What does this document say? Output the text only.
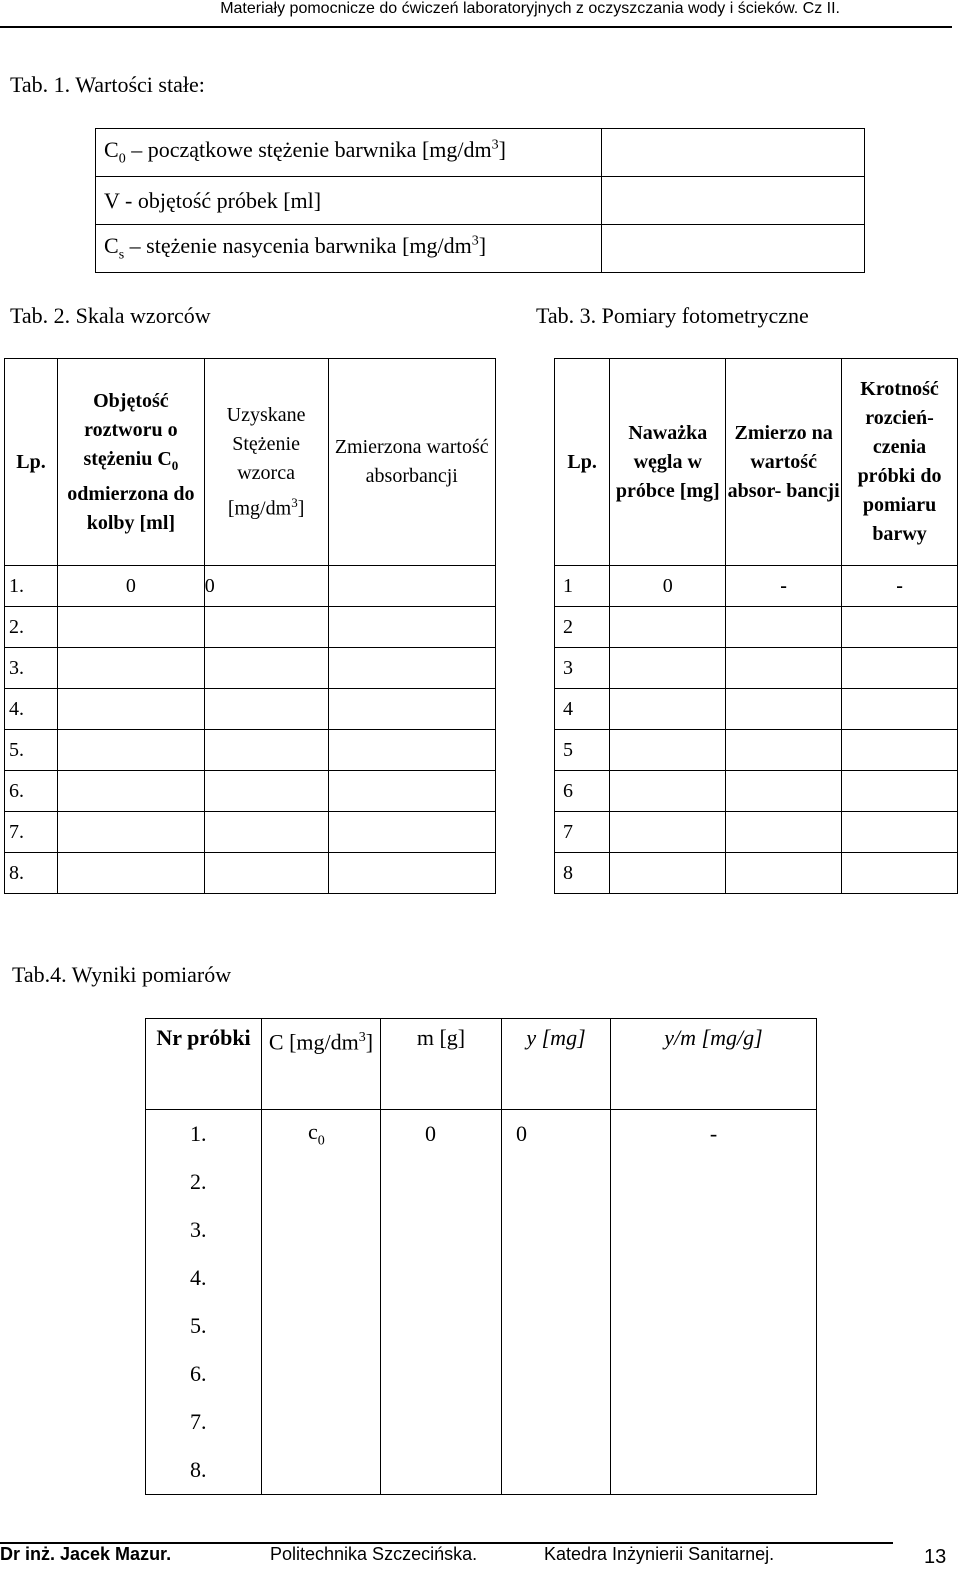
Materiały pomocnicze do ćwiczeń laboratoryjnych z oczyszczania wody i ścieków. Cz II.
Tab. 1. Wartości stałe:
$C_0$ – początkowe stężenie barwnika $[mg/dm^3]$	
V - objętość próbek [ml]	
$C_s$ – stężenie nasycenia barwnika $[mg/dm^3]$	
Tab. 2. Skala wzorców	Tab. 3. Pomiary fotometryczne
Lp.	Objętość roztworu o stężeniu $C_0$ odmierzona do kolby [ml]	Uzyskane Stężenie wzorca $[mg/dm^3]$	Zmierzona wartość absorbancji
1.	0	0	
2.			
3.			
4.			
5.			
6.			
7.			
8.			
Lp.	Naważka węgla w próbce [mg]	Zmierzo na wartość absor- bancji	Krotność rozcień- czenia próbki do pomiaru barwy
1	0	-	-
2			
3			
4			
5			
6			
7			
8			
Tab.4. Wyniki pomiarów
Nr próbki	C $[mg/dm^3]$	m [g]	y [mg]	y/m [mg/g]
1.	$c_0$	0	0	-
2.				
3.				
4.				
5.				
6.				
7.				
8.				
Dr inż. Jacek Mazur.	Politechnika Szczecińska.	Katedra Inżynierii Sanitarnej.	13
